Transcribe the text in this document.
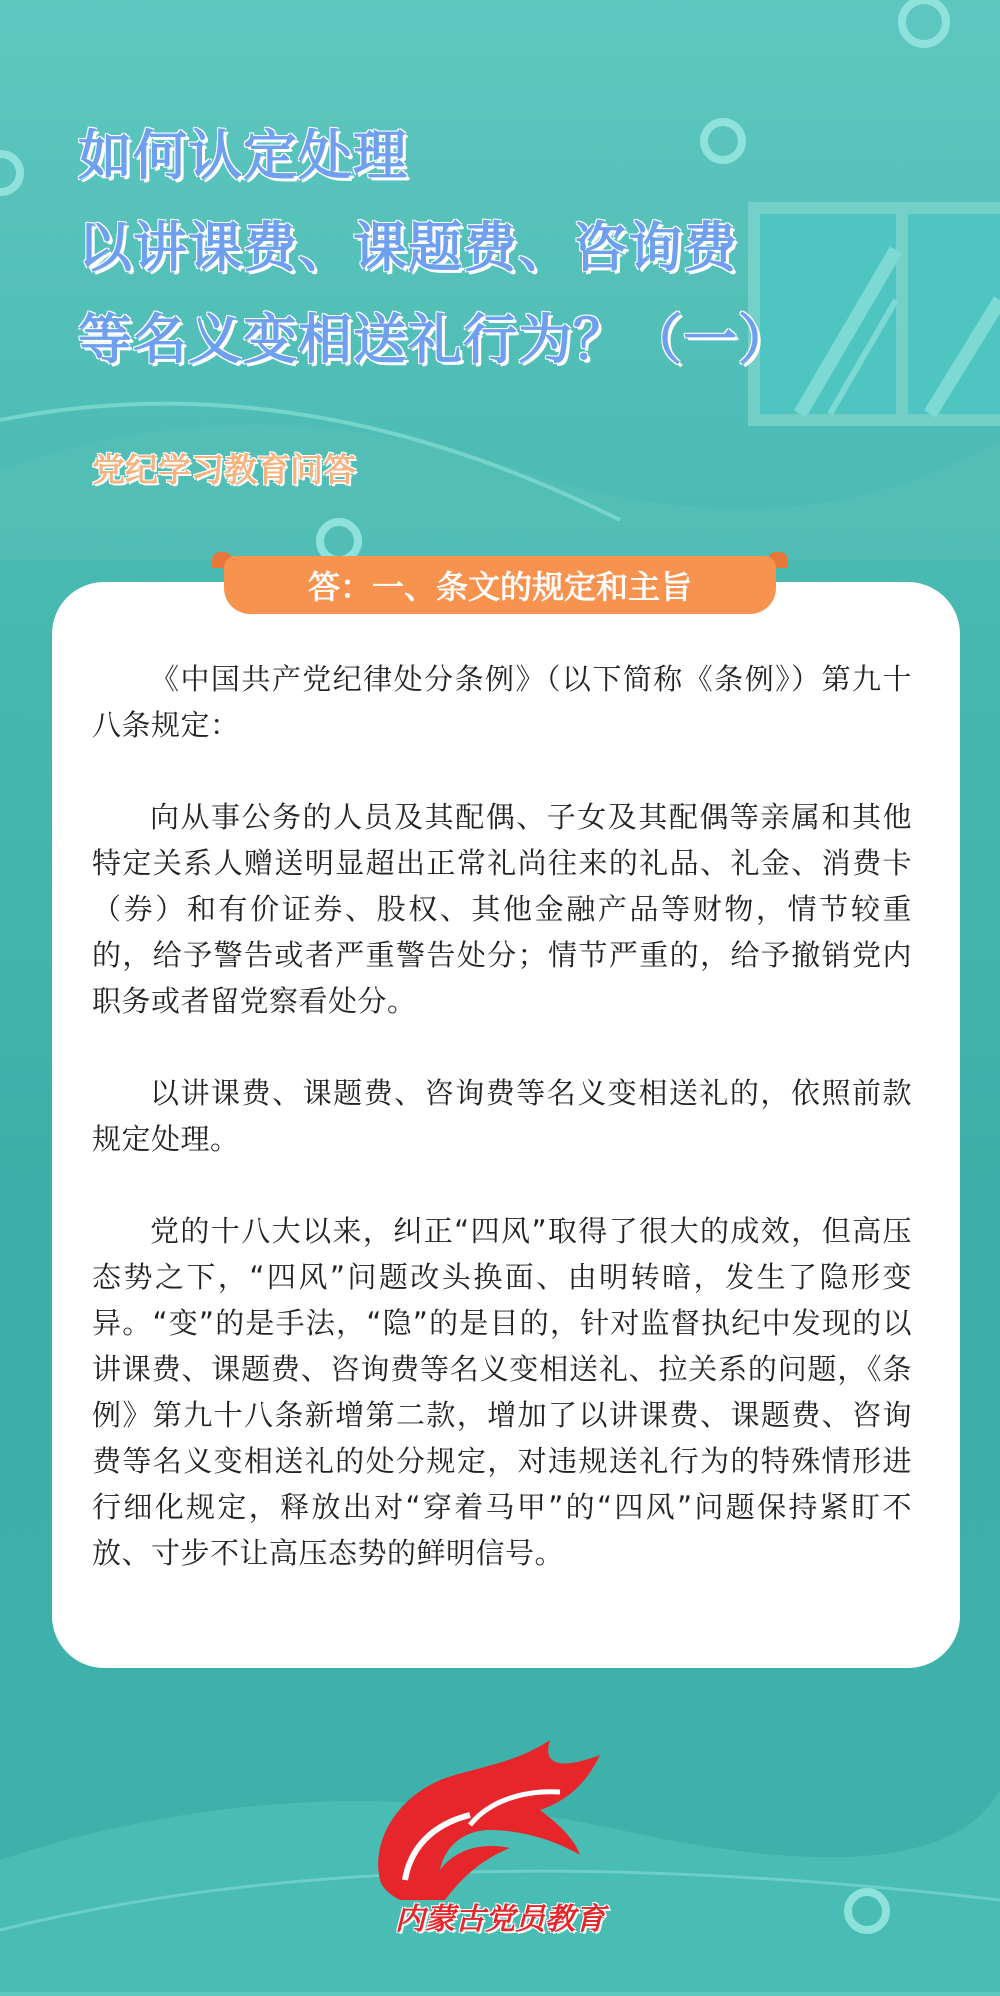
如何认定处理
以讲课费、课题费、咨询费
等名义变相送礼行为？（一）
党纪学习教育问答
答：一、条文的规定和主旨

《中国共产党纪律处分条例》（以下简称《条例》）第九十八条规定：

向从事公务的人员及其配偶、子女及其配偶等亲属和其他特定关系人赠送明显超出正常礼尚往来的礼品、礼金、消费卡（券）和有价证券、股权、其他金融产品等财物，情节较重的，给予警告或者严重警告处分；情节严重的，给予撤销党内职务或者留党察看处分。

以讲课费、课题费、咨询费等名义变相送礼的，依照前款规定处理。

党的十八大以来，纠正“四风”取得了很大的成效，但高压态势之下，“四风”问题改头换面、由明转暗，发生了隐形变异。“变”的是手法，“隐”的是目的，针对监督执纪中发现的以讲课费、课题费、咨询费等名义变相送礼、拉关系的问题，《条例》第九十八条新增第二款，增加了以讲课费、课题费、咨询费等名义变相送礼的处分规定，对违规送礼行为的特殊情形进行细化规定，释放出对“穿着马甲”的“四风”问题保持紧盯不放、寸步不让高压态势的鲜明信号。

内蒙古党员教育
